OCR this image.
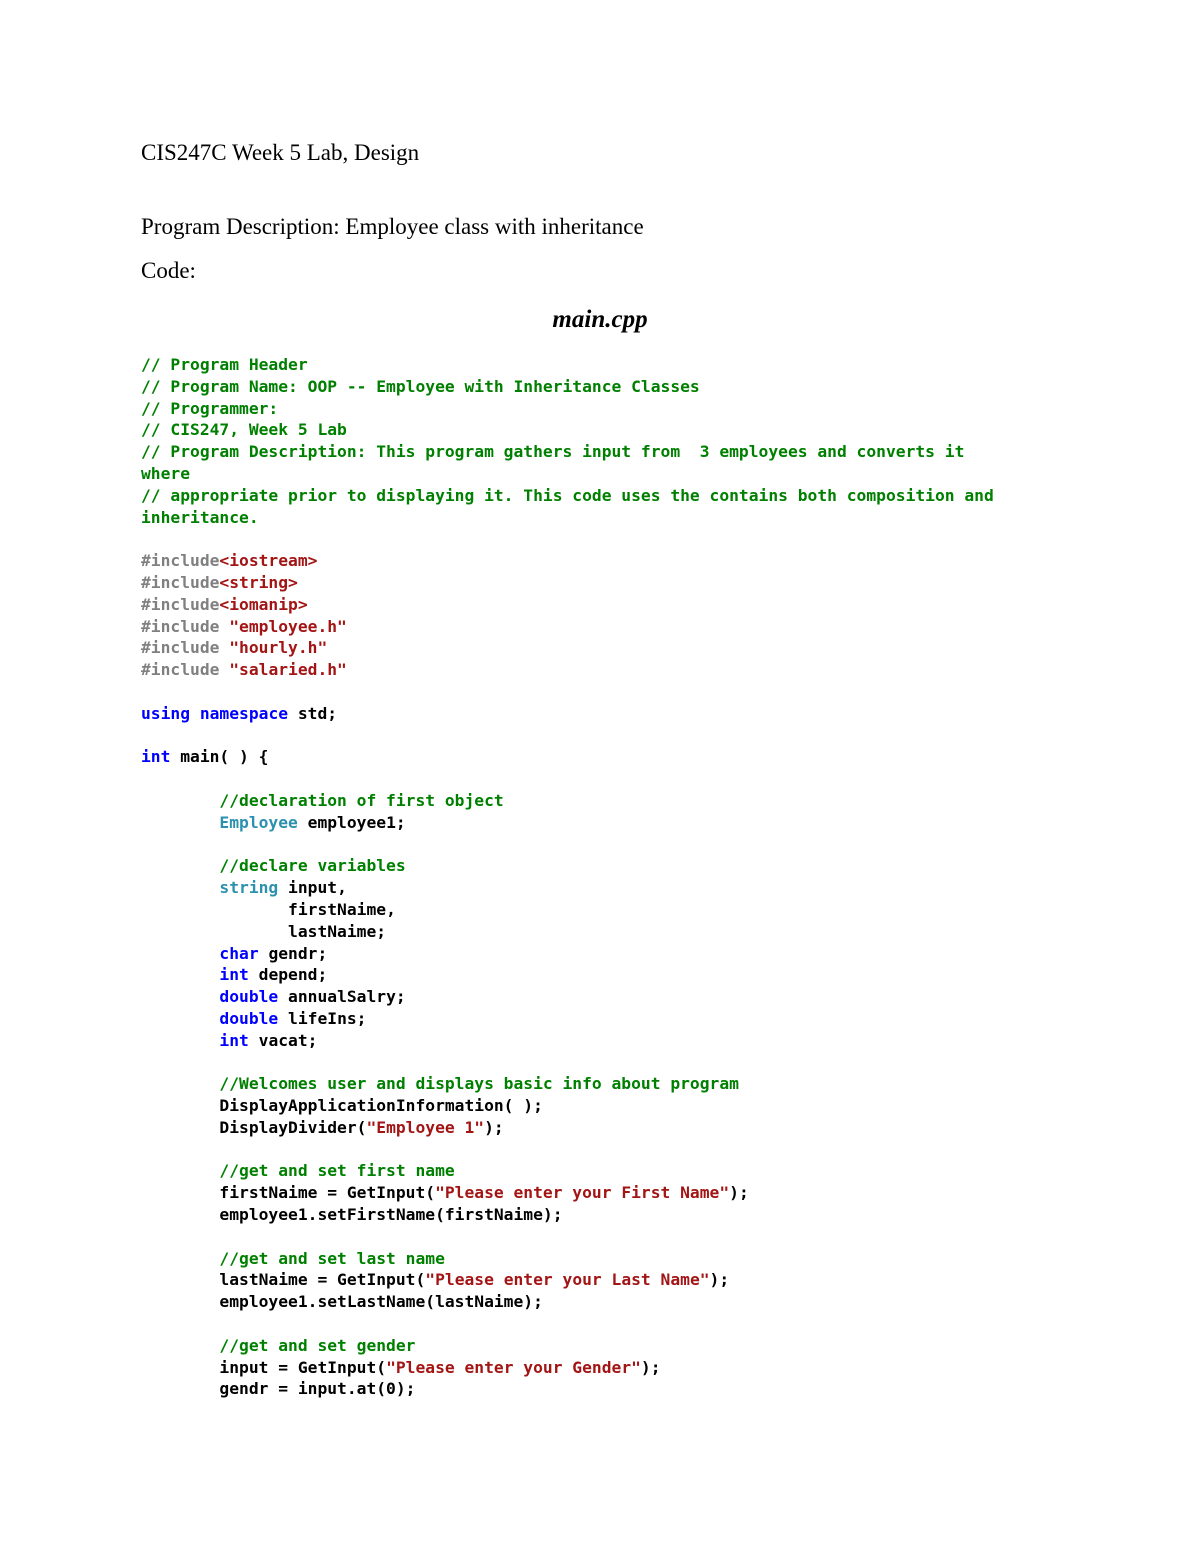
CIS247C Week 5 Lab, Design
Program Description: Employee class with inheritance
Code:
main.cpp
// Program Header
// Program Name: OOP -- Employee with Inheritance Classes
// Programmer:
// CIS247, Week 5 Lab
// Program Description: This program gathers input from  3 employees and converts it
where
// appropriate prior to displaying it. This code uses the contains both composition and
inheritance.
#include<iostream>
#include<string>
#include<iomanip>
#include "employee.h"
#include "hourly.h"
#include "salaried.h"
using namespace std;
int main( ) {
//declaration of first object
Employee employee1;
//declare variables
string input,
firstNaime,
lastNaime;
char gendr;
int depend;
double annualSalry;
double lifeIns;
int vacat;
//Welcomes user and displays basic info about program
DisplayApplicationInformation( );
DisplayDivider("Employee 1");
//get and set first name
firstNaime = GetInput("Please enter your First Name");
employee1.setFirstName(firstNaime);
//get and set last name
lastNaime = GetInput("Please enter your Last Name");
employee1.setLastName(lastNaime);
//get and set gender
input = GetInput("Please enter your Gender");
gendr = input.at(0);
